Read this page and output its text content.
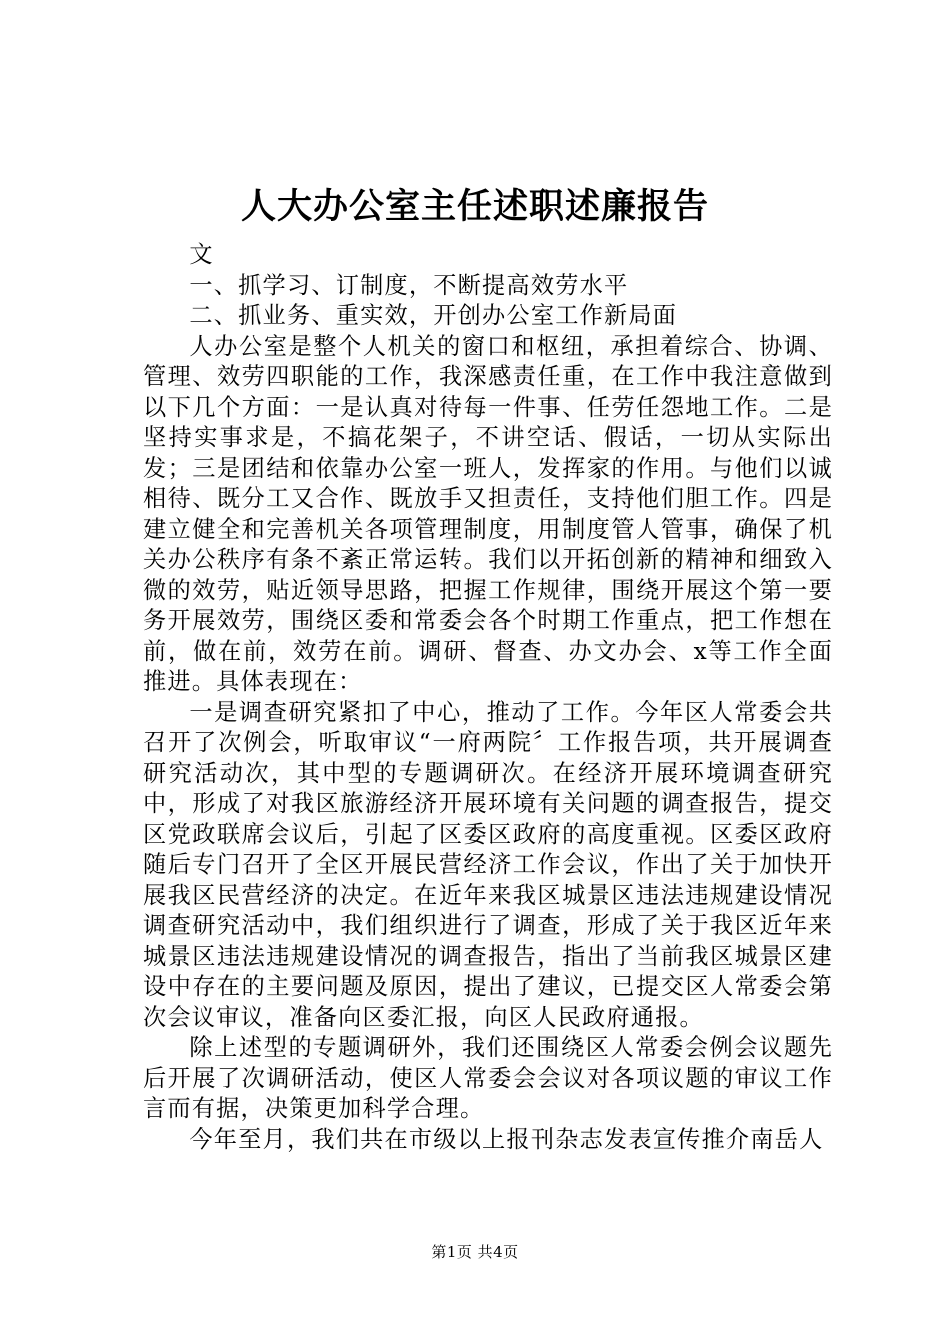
人大办公室主任述职述廉报告

文

一、抓学习、订制度，不断提高效劳水平

二、抓业务、重实效，开创办公室工作新局面

人办公室是整个人机关的窗口和枢纽，承担着综合、协调、管理、效劳四职能的工作，我深感责任重，在工作中我注意做到以下几个方面：一是认真对待每一件事、任劳任怨地工作。二是坚持实事求是，不搞花架子，不讲空话、假话，一切从实际出发；三是团结和依靠办公室一班人，发挥家的作用。与他们以诚相待、既分工又合作、既放手又担责任，支持他们胆工作。四是建立健全和完善机关各项管理制度，用制度管人管事，确保了机关办公秩序有条不紊正常运转。我们以开拓创新的精神和细致入微的效劳，贴近领导思路，把握工作规律，围绕开展这个第一要务开展效劳，围绕区委和常委会各个时期工作重点，把工作想在前，做在前，效劳在前。调研、督查、办文办会、x等工作全面推进。具体表现在：

一是调查研究紧扣了中心，推动了工作。今年区人常委会共召开了次例会，听取审议“一府两院〞工作报告项，共开展调查研究活动次，其中型的专题调研次。在经济开展环境调查研究中，形成了对我区旅游经济开展环境有关问题的调查报告，提交区党政联席会议后，引起了区委区政府的高度重视。区委区政府随后专门召开了全区开展民营经济工作会议，作出了关于加快开展我区民营经济的决定。在近年来我区城景区违法违规建设情况调查研究活动中，我们组织进行了调查，形成了关于我区近年来城景区违法违规建设情况的调查报告，指出了当前我区城景区建设中存在的主要问题及原因，提出了建议，已提交区人常委会第次会议审议，准备向区委汇报，向区人民政府通报。

除上述型的专题调研外，我们还围绕区人常委会例会议题先后开展了次调研活动，使区人常委会会议对各项议题的审议工作言而有据，决策更加科学合理。

今年至月，我们共在市级以上报刊杂志发表宣传推介南岳人

第1页 共4页
